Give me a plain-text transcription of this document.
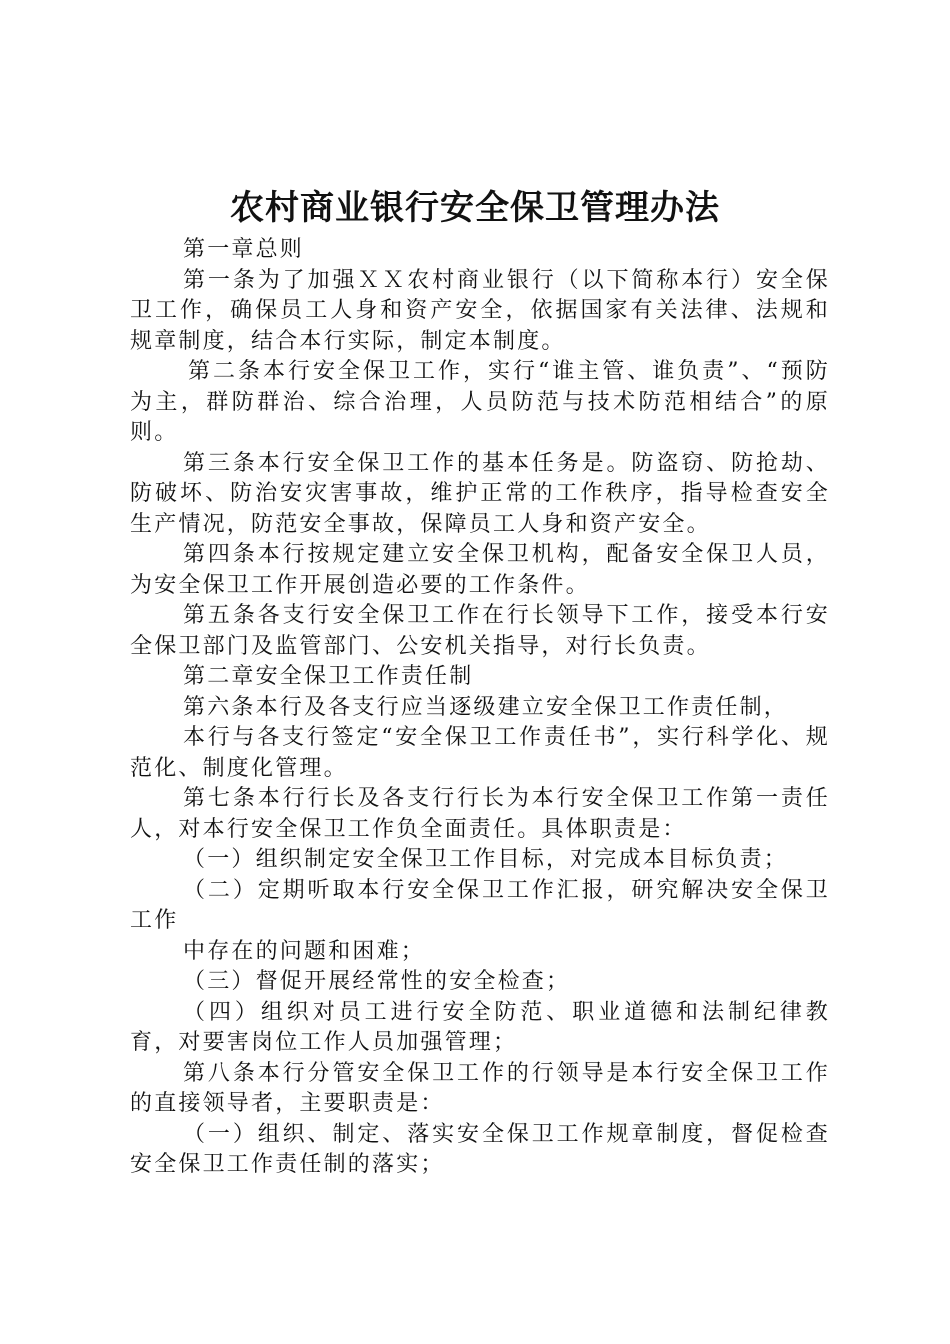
农村商业银行安全保卫管理办法

第一章总则

第一条为了加强ＸＸ农村商业银行（以下简称本行）安全保卫工作，确保员工人身和资产安全，依据国家有关法律、法规和规章制度，结合本行实际，制定本制度。

第二条本行安全保卫工作，实行“谁主管、谁负责”、“预防为主，群防群治、综合治理，人员防范与技术防范相结合”的原则。

第三条本行安全保卫工作的基本任务是。防盗窃、防抢劫、防破坏、防治安灾害事故，维护正常的工作秩序，指导检查安全生产情况，防范安全事故，保障员工人身和资产安全。

第四条本行按规定建立安全保卫机构，配备安全保卫人员，为安全保卫工作开展创造必要的工作条件。

第五条各支行安全保卫工作在行长领导下工作，接受本行安全保卫部门及监管部门、公安机关指导，对行长负责。

第二章安全保卫工作责任制

第六条本行及各支行应当逐级建立安全保卫工作责任制，

本行与各支行签定“安全保卫工作责任书”，实行科学化、规范化、制度化管理。

第七条本行行长及各支行行长为本行安全保卫工作第一责任人，对本行安全保卫工作负全面责任。具体职责是：

（一）组织制定安全保卫工作目标，对完成本目标负责；

（二）定期听取本行安全保卫工作汇报，研究解决安全保卫工作

中存在的问题和困难；

（三）督促开展经常性的安全检查；

（四）组织对员工进行安全防范、职业道德和法制纪律教育，对要害岗位工作人员加强管理；

第八条本行分管安全保卫工作的行领导是本行安全保卫工作的直接领导者，主要职责是：

（一）组织、制定、落实安全保卫工作规章制度，督促检查安全保卫工作责任制的落实；
